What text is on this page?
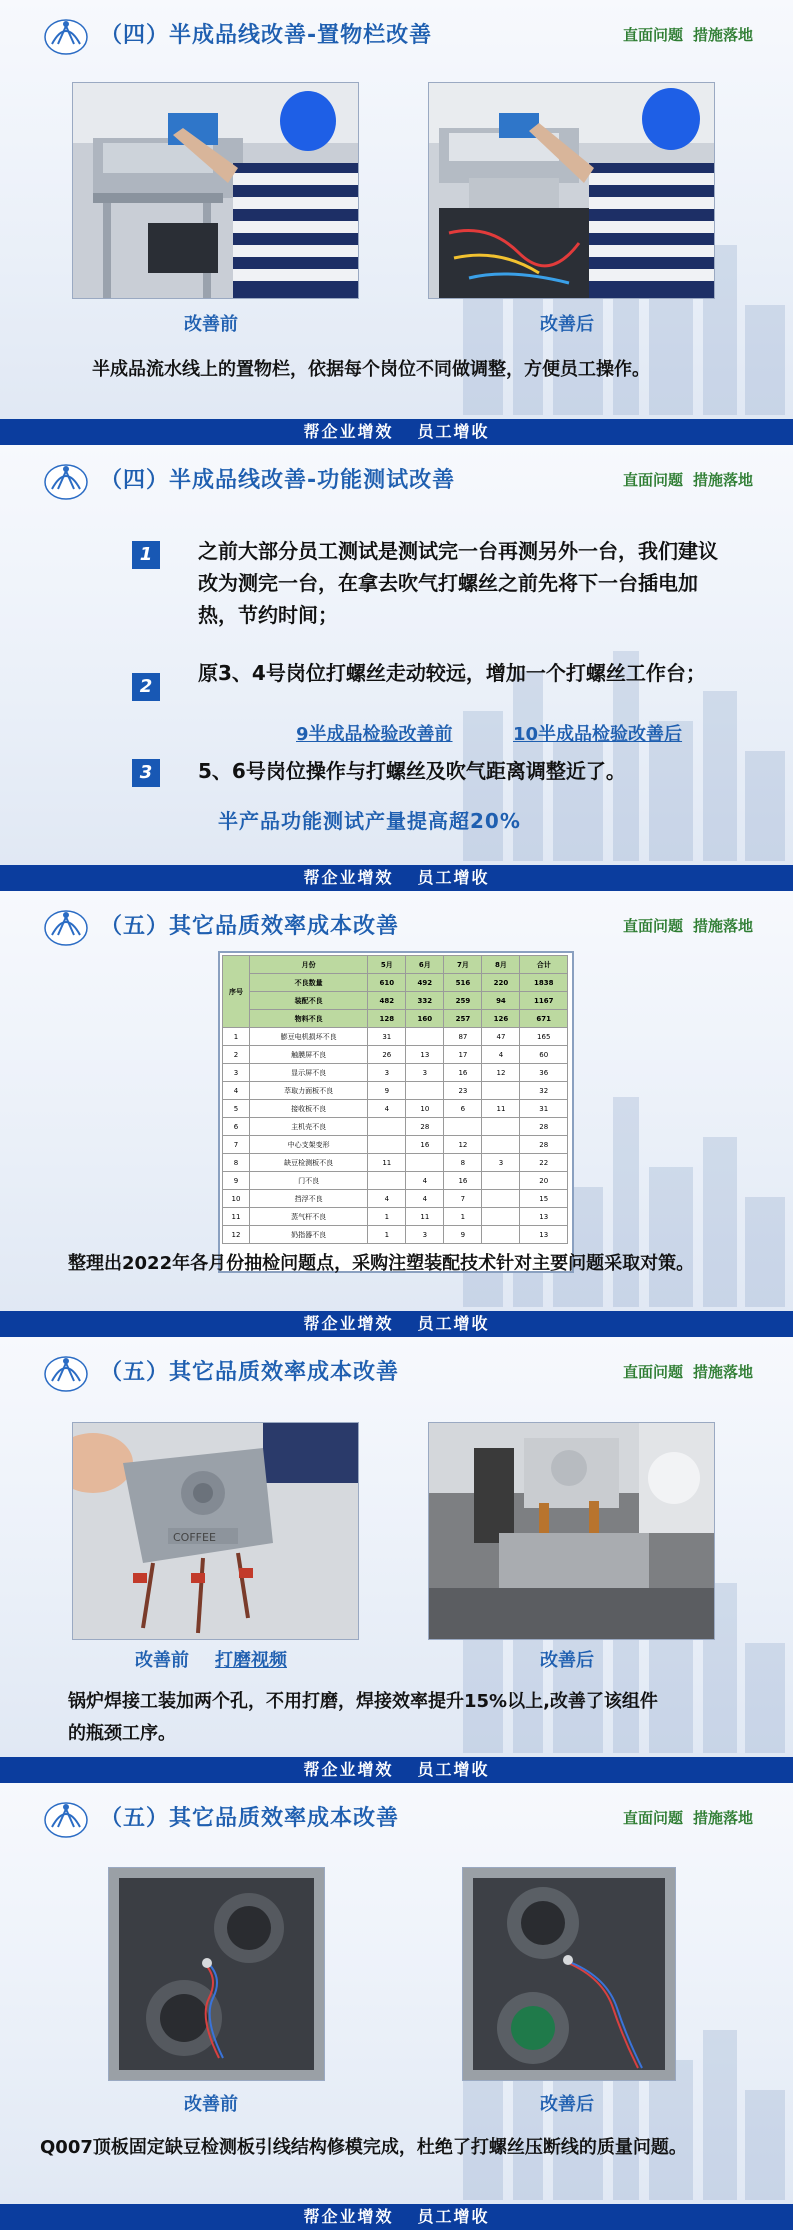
（四）半成品线改善-置物栏改善	直面问题 措施落地
改善前	改善后
半成品流水线上的置物栏，依据每个岗位不同做调整，方便员工操作。
帮企业增效 员工增收
（四）半成品线改善-功能测试改善	直面问题 措施落地
1	之前大部分员工测试是测试完一台再测另外一台，我们建议改为测完一台，在拿去吹气打螺丝之前先将下一台插电加热，节约时间；
2
原3、4号岗位打螺丝走动较远，增加一个打螺丝工作台；
9半成品检验改善前	10半成品检验改善后
3	5、6号岗位操作与打螺丝及吹气距离调整近了。
半产品功能测试产量提高超20%
帮企业增效 员工增收
（五）其它品质效率成本改善	直面问题 措施落地
序号	月份	5月	6月	7月	8月	合计
	不良数量	610	492	516	220	1838
	装配不良	482	332	259	94	1167
	物料不良	128	160	257	126	671
1	膨豆电机损坏不良	31		87	47	165
2	触膜屏不良	26	13	17	4	60
3	显示屏不良	3	3	16	12	36
4	萃取力面板不良	9		23		32
5	接收板不良	4	10	6	11	31
6	主机壳不良		28			28
7	中心支架变形		16	12		28
8	缺豆检测板不良	11		8	3	22
9	门不良		4	16		20
10	挡浮不良	4	4	7		15
11	蒸气杆不良	1	11	1		13
12	奶指器不良	1	3	9		13
整理出2022年各月份抽检问题点，采购注塑装配技术针对主要问题采取对策。
帮企业增效 员工增收
（五）其它品质效率成本改善	直面问题 措施落地
COFFEE
改善前 打磨视频	改善后
锅炉焊接工装加两个孔，不用打磨，焊接效率提升15%以上,改善了该组件
的瓶颈工序。
帮企业增效 员工增收
（五）其它品质效率成本改善	直面问题 措施落地
改善前	改善后
Q007顶板固定缺豆检测板引线结构修模完成，杜绝了打螺丝压断线的质量问题。
帮企业增效 员工增收
